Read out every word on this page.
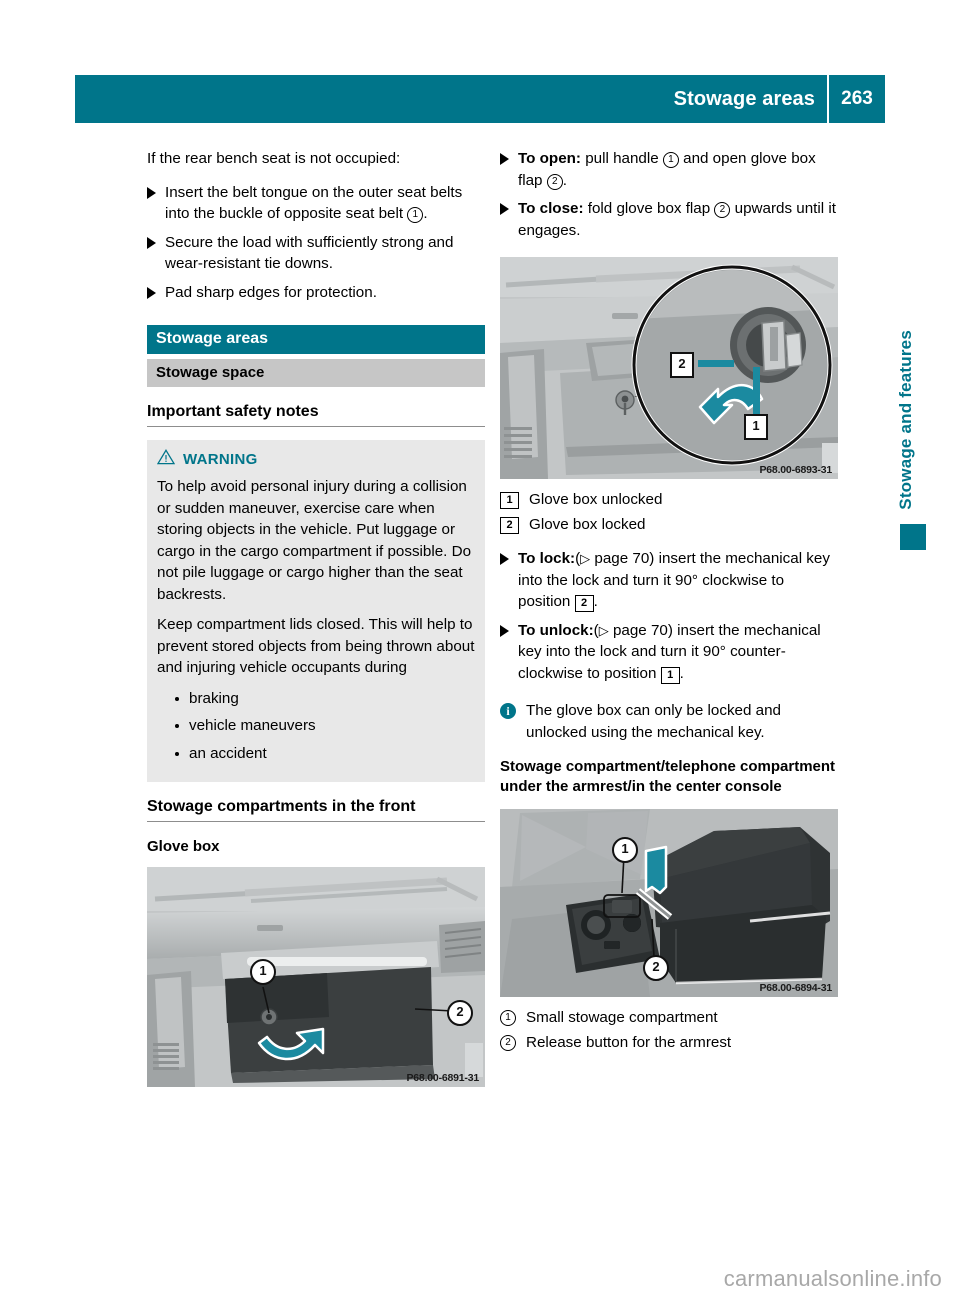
Stowage areas	263

If the rear bench seat is not occupied:

Insert the belt tongue on the outer seat belts into the buckle of opposite seat belt 1 .
Secure the load with sufficiently strong and wear-resistant tie downs.
Pad sharp edges for protection.
Stowage areas
Stowage space
Important safety notes
WARNING

To help avoid personal injury during a collision or sudden maneuver, exercise care when storing objects in the vehicle. Put luggage or cargo in the cargo compartment if possible. Do not pile luggage or cargo higher than the seat backrests.

Keep compartment lids closed. This will help to prevent stored objects from being thrown about and injuring vehicle occupants during

braking
vehicle maneuvers
an accident
Stowage compartments in the front
Glove box
1
2
P68.00-6891-31
To open: pull handle 1 and open glove box flap 2 .
To close: fold glove box flap 2 upwards until it engages.
2
1
P68.00-6893-31
1	Glove box unlocked
2	Glove box locked
To lock:(▷ page 70) insert the mechanical key into the lock and turn it 90° clockwise to position 2 .
To unlock:(▷ page 70) insert the mechanical key into the lock and turn it 90° counter-clockwise to position 1 .
i	The glove box can only be locked and unlocked using the mechanical key.
Stowage compartment/telephone compartment under the armrest/in the center console
1
2
P68.00-6894-31
1	Small stowage compartment
2	Release button for the armrest
Stowage and features
carmanualsonline.info
